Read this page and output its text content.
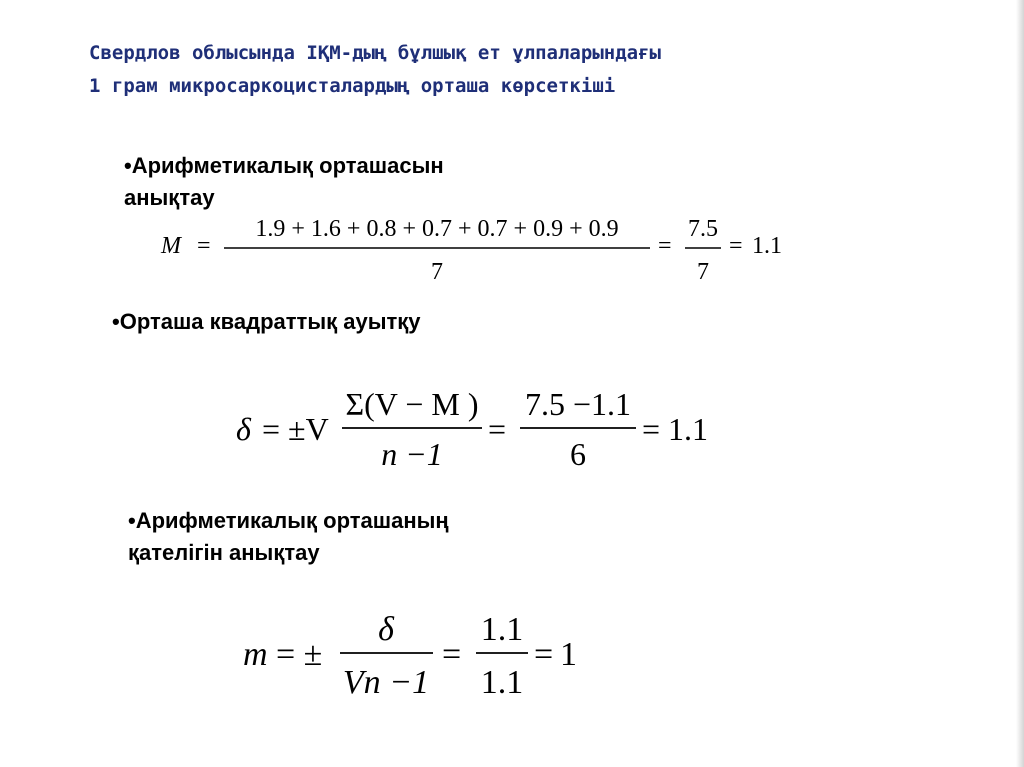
Свердлов облысында ІҚМ-дың бұлшық ет ұлпаларындағы
1 грам микросаркоцисталардың орташа көрсеткіші
•Арифметикалық орташасын
анықтау
M =
1.9 + 1.6 + 0.8 + 0.7 + 0.7 + 0.9 + 0.9
7
=
7.5
7
= 1.1
δ = ±V
Σ(V − M )
n −1
=
7.5 −1.1
6
= 1.1
m = ±
δ
Vn −1
=
1.1
1.1
= 1
•Орташа квадраттық ауытқу
•Арифметикалық орташаның
қателігін анықтау
